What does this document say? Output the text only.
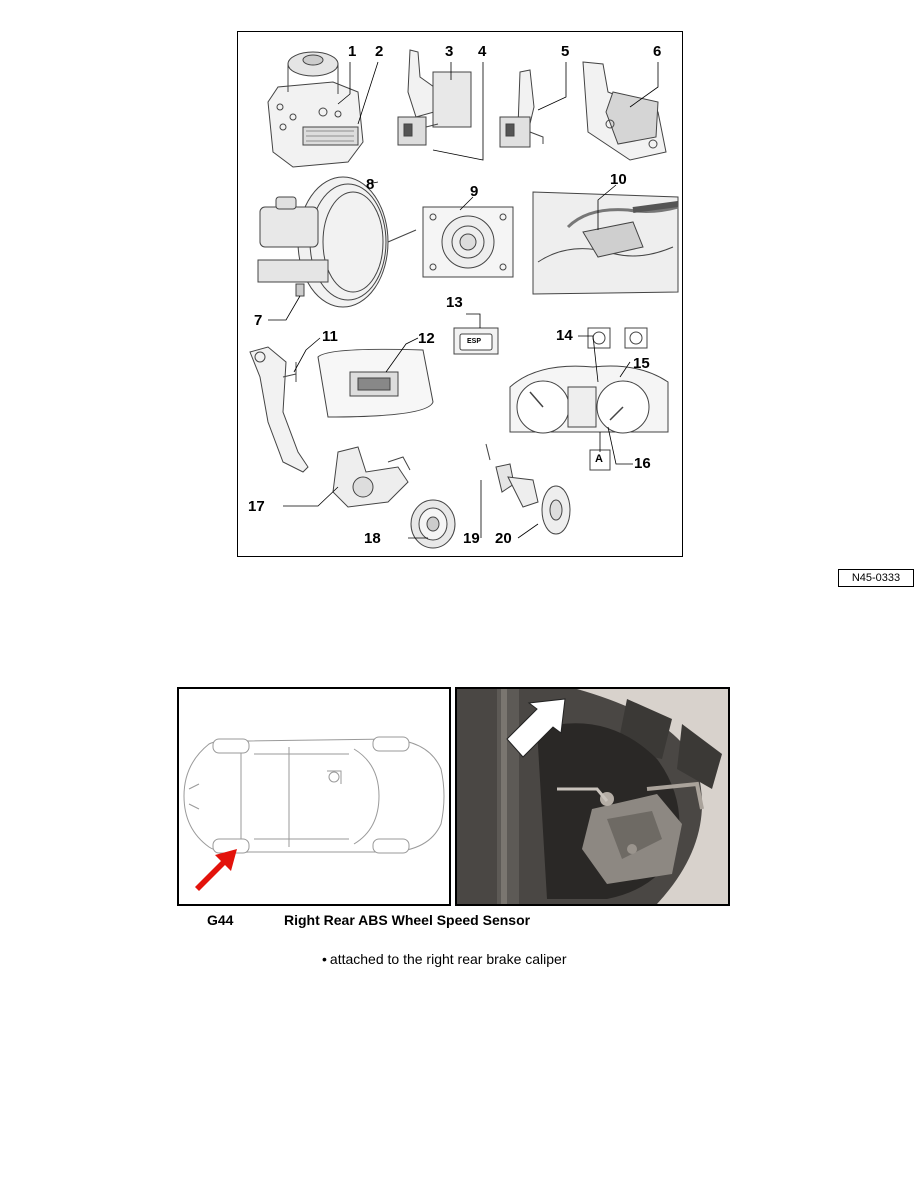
1 2	3 4	5	6
7
8	9
10
11	12
13
14
15
16
17
18	19 20
ESP
A
N45-0333
G44	Right Rear ABS Wheel Speed Sensor
• attached to the right rear brake caliper
